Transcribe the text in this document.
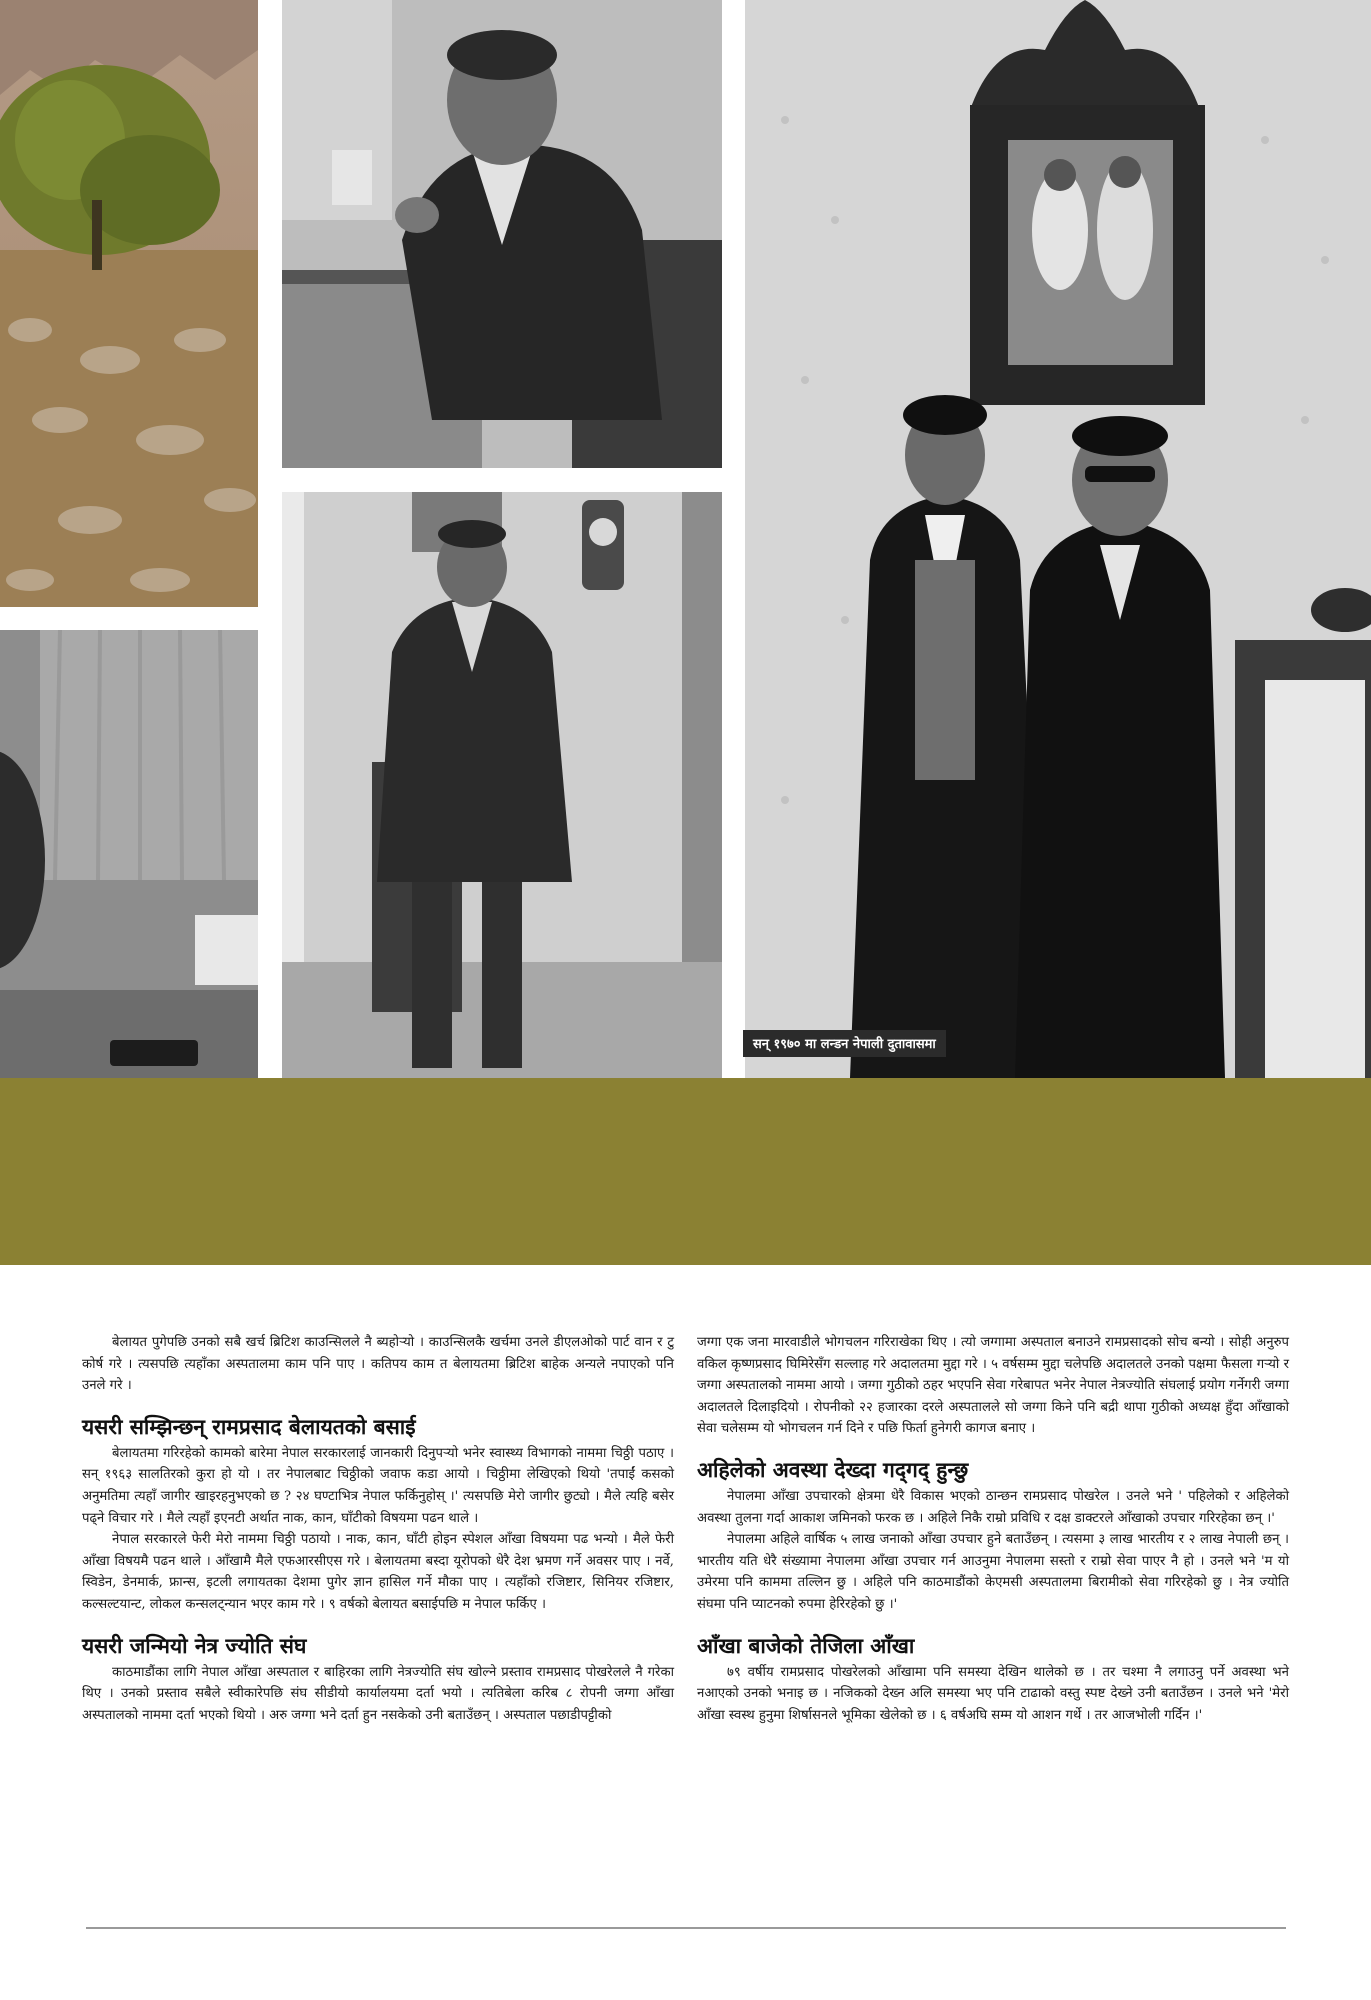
सन् १९७० मा लन्डन नेपाली दुतावासमा

बेलायत पुगेपछि उनको सबै खर्च ब्रिटिश काउन्सिलले नै ब्यहोर्‍यो । काउन्सिलकै खर्चमा उनले डीएलओको पार्ट वान र टु कोर्ष गरे । त्यसपछि त्यहाँका अस्पतालमा काम पनि पाए । कतिपय काम त बेलायतमा ब्रिटिश बाहेक अन्यले नपाएको पनि उनले गरे ।

यसरी सम्झिन्छन् रामप्रसाद बेलायतको बसाई

बेलायतमा गरिरहेको कामको बारेमा नेपाल सरकारलाई जानकारी दिनुपर्‍यो भनेर स्वास्थ्य विभागको नाममा चिठ्ठी पठाए । सन् १९६३ सालतिरको कुरा हो यो । तर नेपालबाट चिठ्ठीको जवाफ कडा आयो । चिठ्ठीमा लेखिएको थियो 'तपाईं कसको अनुमतिमा त्यहाँ जागीर खाइरहनुभएको छ ? २४ घण्टाभित्र नेपाल फर्किनुहोस् ।' त्यसपछि मेरो जागीर छुट्यो । मैले त्यहि बसेर पढ्ने विचार गरे । मैले त्यहाँ इएनटी अर्थात नाक, कान, घाँटीको विषयमा पढन थाले ।

नेपाल सरकारले फेरी मेरो नाममा चिठ्ठी पठायो । नाक, कान, घाँटी होइन स्पेशल आँखा विषयमा पढ भन्यो । मैले फेरी आँखा विषयमै पढन थाले । आँखामै मैले एफआरसीएस गरे । बेलायतमा बस्दा यूरोपको धेरै देश भ्रमण गर्ने अवसर पाए । नर्वे, स्विडेन, डेनमार्क, फ्रान्स, इटली लगायतका देशमा पुगेर ज्ञान हासिल गर्ने मौका पाए । त्यहाँको रजिष्टार, सिनियर रजिष्टार, कल्सल्टयान्ट, लोकल कन्सलट्न्यान भएर काम गरे । ९ वर्षको बेलायत बसाईपछि म नेपाल फर्किए ।

यसरी जन्मियो नेत्र ज्योति संघ

काठमाडौंका लागि नेपाल आँखा अस्पताल र बाहिरका लागि नेत्रज्योति संघ खोल्ने प्रस्ताव रामप्रसाद पोखरेलले नै गरेका थिए । उनको प्रस्ताव सबैले स्वीकारेपछि संघ सीडीयो कार्यालयमा दर्ता भयो । त्यतिबेला करिब ८ रोपनी जग्गा आँखा अस्पतालको नाममा दर्ता भएको थियो । अरु जग्गा भने दर्ता हुन नसकेको उनी बताउँछन् । अस्पताल पछाडीपट्टीको

जग्गा एक जना मारवाडीले भोगचलन गरिराखेका थिए । त्यो जग्गामा अस्पताल बनाउने रामप्रसादको सोच बन्यो । सोही अनुरुप वकिल कृष्णप्रसाद घिमिरेसँग सल्लाह गरे अदालतमा मुद्दा गरे । ५ वर्षसम्म मुद्दा चलेपछि अदालतले उनको पक्षमा फैसला गर्‍यो र जग्गा अस्पतालको नाममा आयो । जग्गा गुठीको ठहर भएपनि सेवा गरेबापत भनेर नेपाल नेत्रज्योति संघलाई प्रयोग गर्नेगरी जग्गा अदालतले दिलाइदियो । रोपनीको २२ हजारका दरले अस्पतालले सो जग्गा किने पनि बद्री थापा गुठीको अध्यक्ष हुँदा आँखाको सेवा चलेसम्म यो भोगचलन गर्न दिने र पछि फिर्ता हुनेगरी कागज बनाए ।

अहिलेको अवस्था देख्दा गद्‌गद् हुन्छु

नेपालमा आँखा उपचारको क्षेत्रमा धेरै विकास भएको ठान्छन रामप्रसाद पोखरेल । उनले भने ' पहिलेको र अहिलेको अवस्था तुलना गर्दा आकाश जमिनको फरक छ । अहिले निकै राम्रो प्रविधि र दक्ष डाक्टरले आँखाको उपचार गरिरहेका छन् ।'

नेपालमा अहिले वार्षिक ५ लाख जनाको आँखा उपचार हुने बताउँछन् । त्यसमा ३ लाख भारतीय र २ लाख नेपाली छन् । भारतीय यति धेरै संख्यामा नेपालमा आँखा उपचार गर्न आउनुमा नेपालमा सस्तो र राम्रो सेवा पाएर नै हो । उनले भने 'म यो उमेरमा पनि काममा तल्लिन छु । अहिले पनि काठमाडौंको केएमसी अस्पतालमा बिरामीको सेवा गरिरहेको छु । नेत्र ज्योति संघमा पनि प्याटनको रुपमा हेरिरहेको छु ।'

आँखा बाजेको तेजिला आँखा

७९ वर्षीय रामप्रसाद पोखरेलको आँखामा पनि समस्या देखिन थालेको छ । तर चश्मा नै लगाउनु पर्ने अवस्था भने नआएको उनको भनाइ छ । नजिकको देख्न अलि समस्या भए पनि टाढाको वस्तु स्पष्ट देख्ने उनी बताउँछन । उनले भने 'मेरो आँखा स्वस्थ हुनुमा शिर्षासनले भूमिका खेलेको छ । ६ वर्षअघि सम्म यो आशन गर्थे । तर आजभोली गर्दिन ।'
